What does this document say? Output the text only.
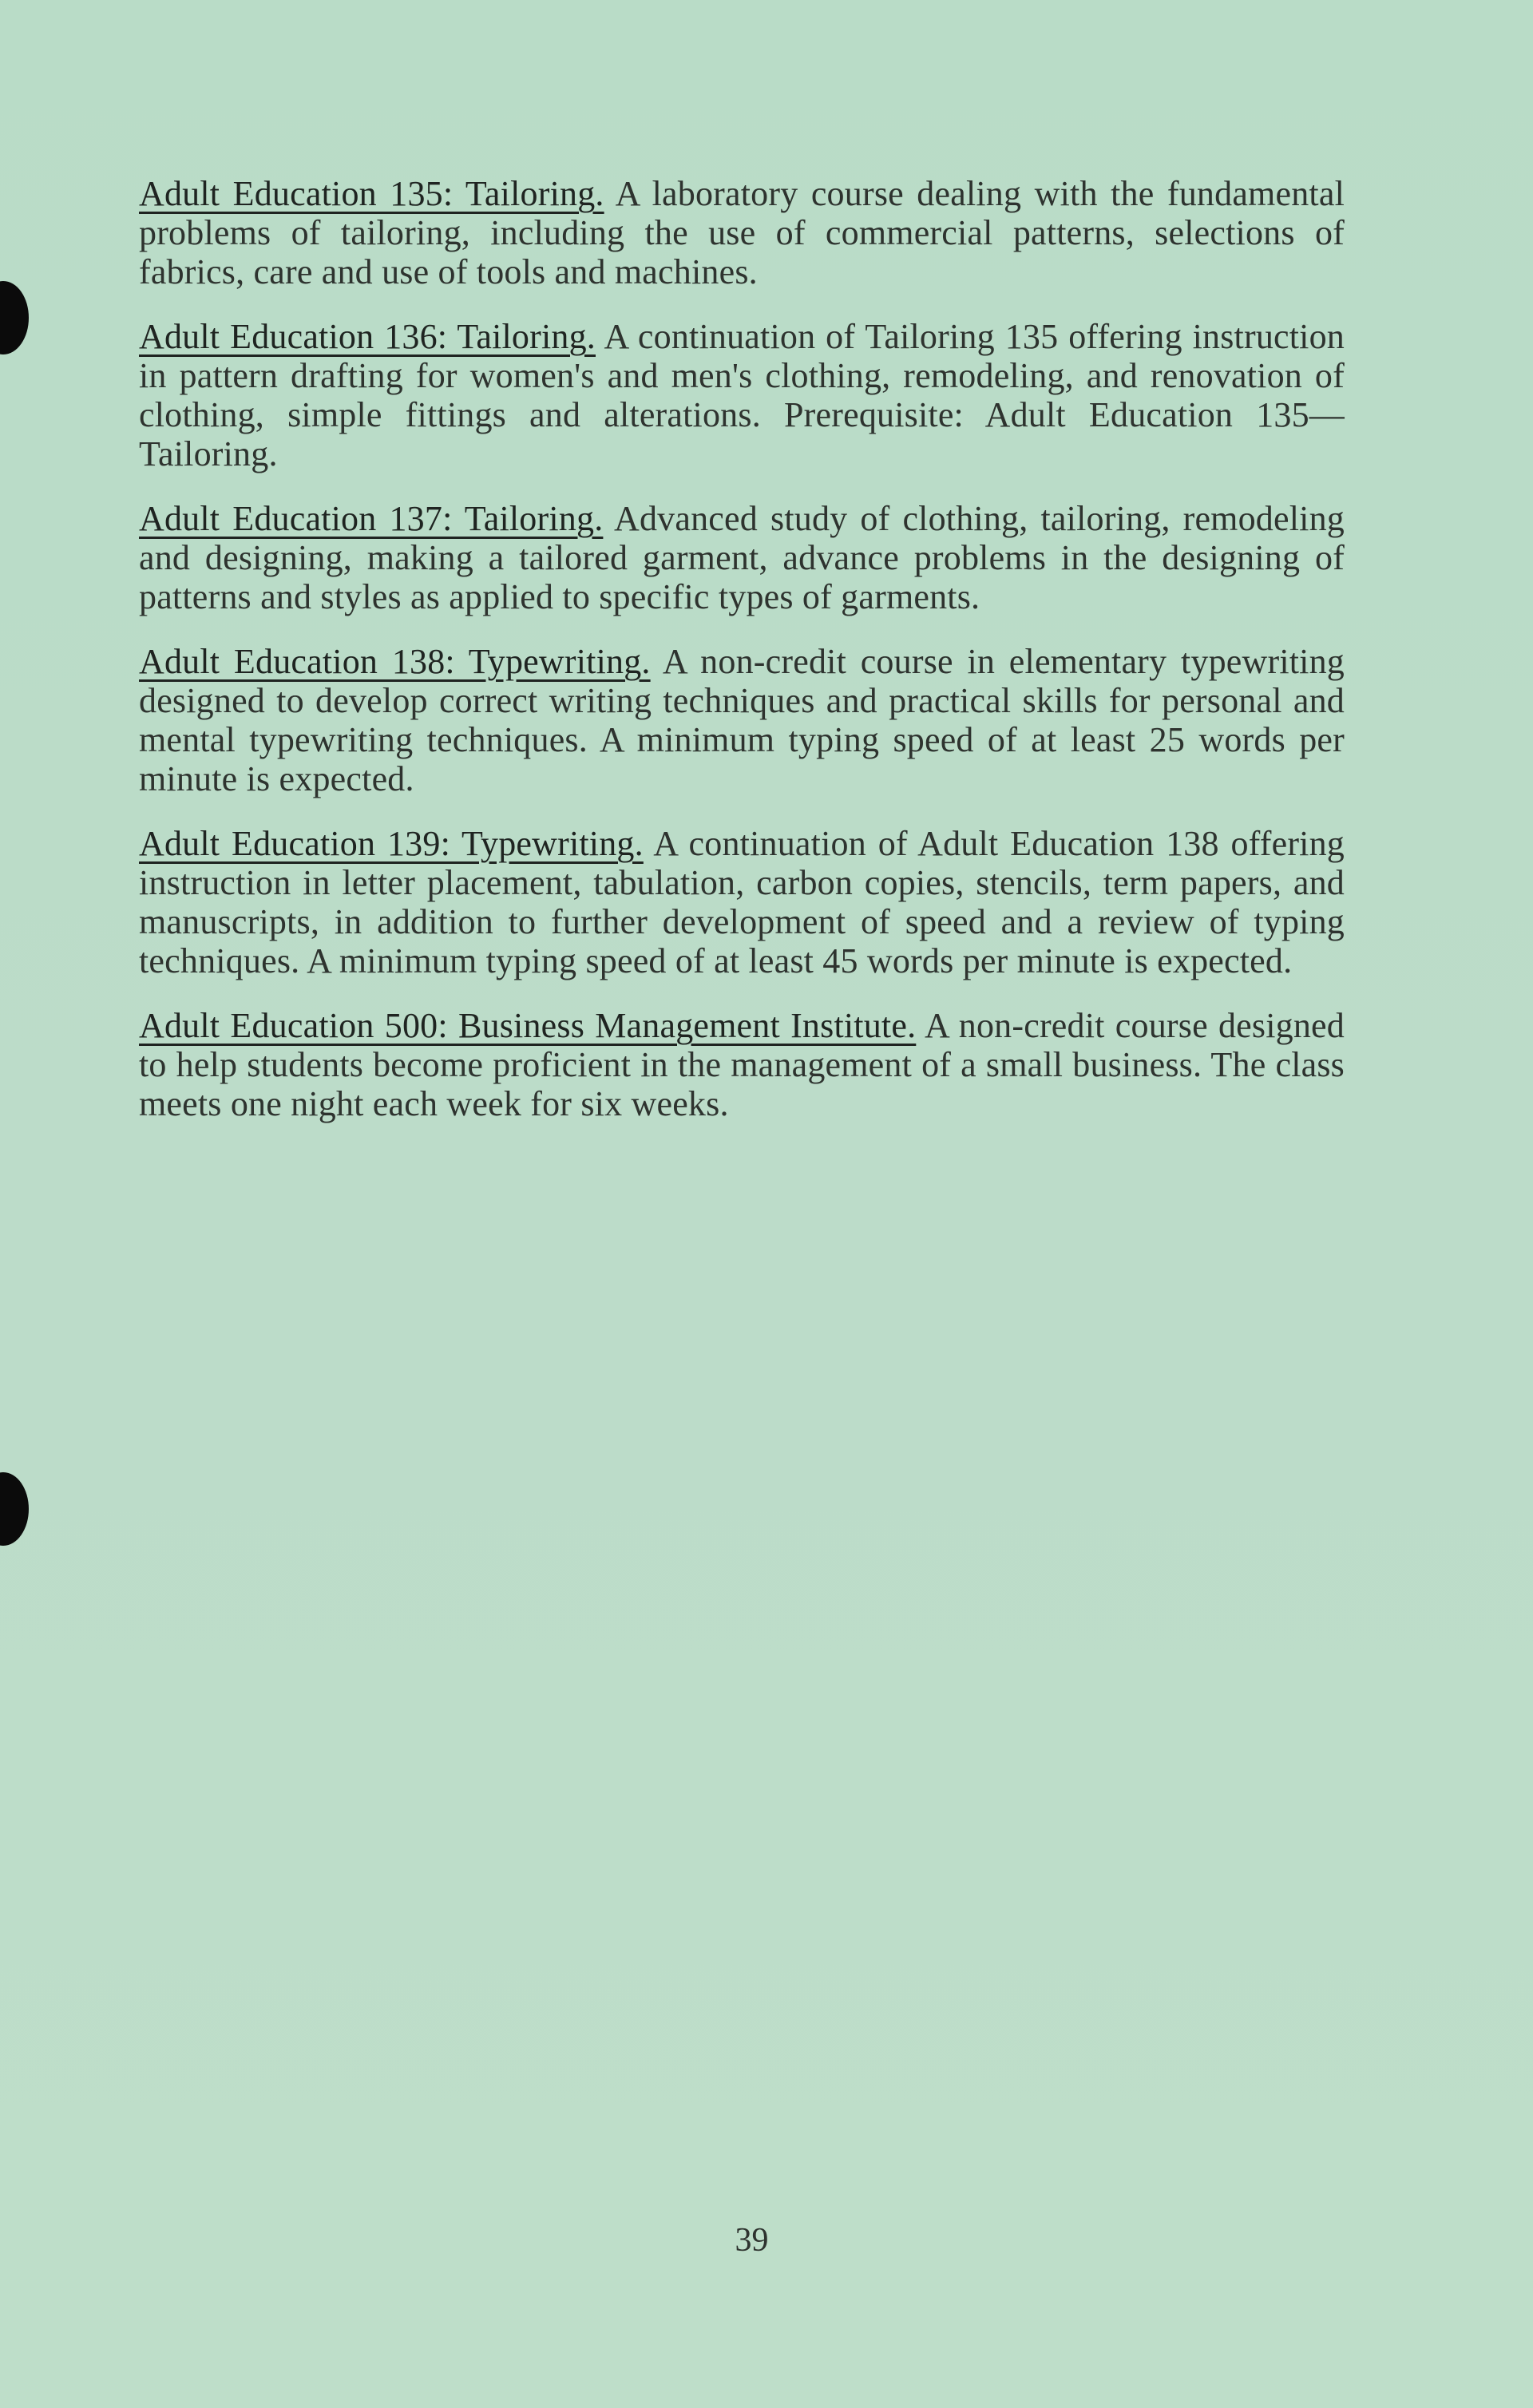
Adult Education 135: Tailoring. A laboratory course dealing with the fundamental problems of tailoring, including the use of commercial patterns, selections of fabrics, care and use of tools and machines.

Adult Education 136: Tailoring. A continuation of Tailoring 135 offering instruction in pattern drafting for women's and men's clothing, remodeling, and renovation of clothing, simple fittings and alterations. Prerequisite: Adult Education 135—Tailoring.

Adult Education 137: Tailoring. Advanced study of clothing, tailoring, remodeling and designing, making a tailored garment, advance problems in the designing of patterns and styles as applied to specific types of garments.

Adult Education 138: Typewriting. A non-credit course in elementary typewriting designed to develop correct writing techniques and practical skills for personal and mental typewriting techniques. A minimum typing speed of at least 25 words per minute is expected.

Adult Education 139: Typewriting. A continuation of Adult Education 138 offering instruction in letter placement, tabulation, carbon copies, stencils, term papers, and manuscripts, in addition to further development of speed and a review of typing techniques. A minimum typing speed of at least 45 words per minute is expected.

Adult Education 500: Business Management Institute. A non-credit course designed to help students become proficient in the management of a small business. The class meets one night each week for six weeks.

39
